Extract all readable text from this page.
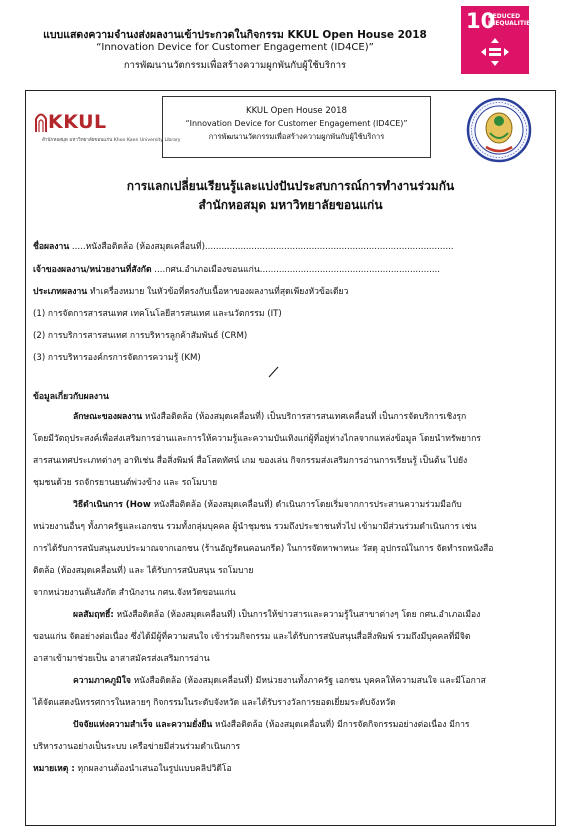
แบบแสดงความจำนงส่งผลงานเข้าประกวดในกิจกรรม KKUL Open House 2018
“Innovation Device for Customer Engagement (ID4CE)”
การพัฒนานวัตกรรมเพื่อสร้างความผูกพันกับผู้ใช้บริการ
10
REDUCED
INEQUALITIES
KKUL
สำนักหอสมุด มหาวิทยาลัยขอนแก่น Khon Kaen University Library
KKUL Open House 2018
“Innovation Device for Customer Engagement (ID4CE)”
การพัฒนานวัตกรรมเพื่อสร้างความผูกพันกับผู้ใช้บริการ
การแลกเปลี่ยนเรียนรู้และแบ่งปันประสบการณ์การทำงานร่วมกัน
สำนักหอสมุด มหาวิทยาลัยขอนแก่น
ชื่อผลงาน .....หนังสือติดล้อ (ห้องสมุดเคลื่อนที่)...........................................................................................
เจ้าของผลงาน/หน่วยงานที่สังกัด ....กศน.อำเภอเมืองขอนแก่น..................................................................
ประเภทผลงาน ทำเครื่องหมาย ในหัวข้อที่ตรงกับเนื้อหาของผลงานที่สุดเพียงหัวข้อเดียว
(1) การจัดการสารสนเทศ เทคโนโลยีสารสนเทศ และนวัตกรรม (IT)
(2) การบริการสารสนเทศ การบริหารลูกค้าสัมพันธ์ (CRM)
(3) การบริหารองค์กรการจัดการความรู้ (KM)
ข้อมูลเกี่ยวกับผลงาน
ลักษณะของผลงาน หนังสือติดล้อ (ห้องสมุดเคลื่อนที่) เป็นบริการสารสนเทศเคลื่อนที่ เป็นการจัดบริการเชิงรุก
โดยมีวัตถุประสงค์เพื่อส่งเสริมการอ่านและการให้ความรู้และความบันเทิงแก่ผู้ที่อยู่ห่างไกลจากแหล่งข้อมูล โดยนำทรัพยากร
สารสนเทศประเภทต่างๆ อาทิเช่น สื่อสิ่งพิมพ์ สื่อโสตทัศน์ เกม ของเล่น กิจกรรมส่งเสริมการอ่านการเรียนรู้ เป็นต้น ไปยัง
ชุมชนด้วย รถจักรยานยนต์พ่วงข้าง และ รถโมบาย
วิธีดำเนินการ (How หนังสือติดล้อ (ห้องสมุดเคลื่อนที่) ดำเนินการโดยเริ่มจากการประสานความร่วมมือกับ
หน่วยงานอื่นๆ ทั้งภาครัฐและเอกชน รวมทั้งกลุ่มบุคคล ผู้นำชุมชน รวมถึงประชาชนทั่วไป เข้ามามีส่วนร่วมดำเนินการ เช่น
การได้รับการสนับสนุนงบประมาณจากเอกชน (ร้านอัญรัตนคอนกรีต) ในการจัดหาพาหนะ วัสดุ อุปกรณ์ในการ จัดทำรถหนังสือ
ติดล้อ (ห้องสมุดเคลื่อนที่) และ ได้รับการสนับสนุน รถโมบาย
จากหน่วยงานต้นสังกัด สำนักงาน กศน.จังหวัดขอนแก่น
ผลสัมฤทธิ์: หนังสือติดล้อ (ห้องสมุดเคลื่อนที่) เป็นการให้ข่าวสารและความรู้ในสาขาต่างๆ โดย กศน.อำเภอเมือง
ขอนแก่น จัดอย่างต่อเนื่อง ซึ่งได้มีผู้ที่ความสนใจ เข้าร่วมกิจกรรม และได้รับการสนับสนุนสื่อสิ่งพิมพ์ รวมถึงมีบุคคลที่มีจิต
อาสาเข้ามาช่วยเป็น อาสาสมัครส่งเสริมการอ่าน
ความภาคภูมิใจ หนังสือติดล้อ (ห้องสมุดเคลื่อนที่) มีหน่วยงานทั้งภาครัฐ เอกชน บุคคลให้ความสนใจ และมีโอกาส
ได้จัดแสดงนิทรรศการในหลายๆ กิจกรรมในระดับจังหวัด และได้รับรางวัลการยอดเยี่ยมระดับจังหวัด
ปัจจัยแห่งความสำเร็จ และความยั่งยืน หนังสือติดล้อ (ห้องสมุดเคลื่อนที่) มีการจัดกิจกรรมอย่างต่อเนื่อง มีการ
บริหารงานอย่างเป็นระบบ เครือข่ายมีส่วนร่วมดำเนินการ
หมายเหตุ : ทุกผลงานต้องนำเสนอในรูปแบบคลิปวิดีโอ
